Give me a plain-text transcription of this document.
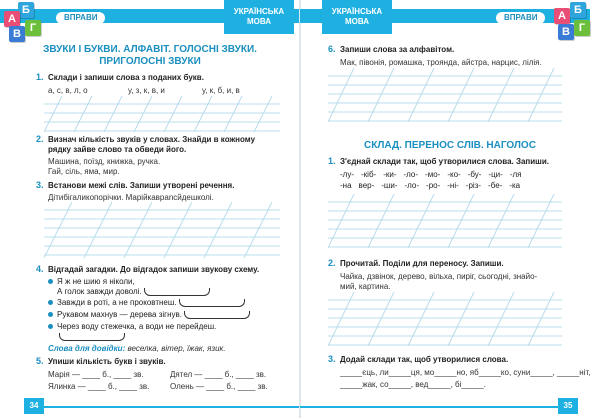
ВПРАВИ
УКРАЇНСЬКА
МОВА
Б
А
В Г
ЗВУКИ І БУКВИ. АЛФАВІТ. ГОЛОСНІ ЗВУКИ.
ПРИГОЛОСНІ ЗВУКИ
1. Склади і запиши слова з поданих букв.
а, с, в, л, о	у, з, к, в, и	у, к, б, и, в
2. Визнач кількість звуків у словах. Знайди в кожному
рядку зайве слово та обведи його.
Машина, поїзд, книжка, ручка.
Гай, сіль, яма, мир.
3. Встанови межі слів. Запиши утворені речення.
Дітибігаликопорічки. Марійкаврancйдешколі.
4. Відгадай загадки. До відгадок запиши звукову схему.
Я ж не шию я ніколи,
А голок завжди доволі.
Завжди в роті, а не проковтнеш.
Рукавом махнув — дерева зігнув.
Через воду стежечка, а води не перейдеш.
Слова для довідки: веселка, вітер, їжак, язик.
5. Упиши кількість букв і звуків.
Марія — ____ б., ____ зв.	Дятел — ____ б., ____ зв.
Ялинка — ____ б., ____ зв.	Олень — ____ б., ____ зв.
34
ВПРАВИ
УКРАЇНСЬКА
МОВА	А Б
В Г
6. Запиши слова за алфавітом.
Мак, півонія, ромашка, троянда, айстра, нарцис, лілія.
СКЛАД. ПЕРЕНОС СЛІВ. НАГОЛОС
1. З'єднай склади так, щоб утворилися слова. Запиши.
-лу- -кіб- -ки- -ло- -мо- -ко- -бу- -ци- -ля
-на вер- -ши- -ло- -ро- -ні- -різ- -бе- -ка
2. Прочитай. Поділи для переносу. Запиши.
Чайка, дзвінок, дерево, вільха, пиріг, сьогодні, знайо-
мий, картина.
3. Додай склади так, щоб утворилися слова.
_____єць, ли_____ця, мо_____но, яб_____ко, суни_____, _____ніт,
_____жак, со_____, вед_____, бі_____.
35
